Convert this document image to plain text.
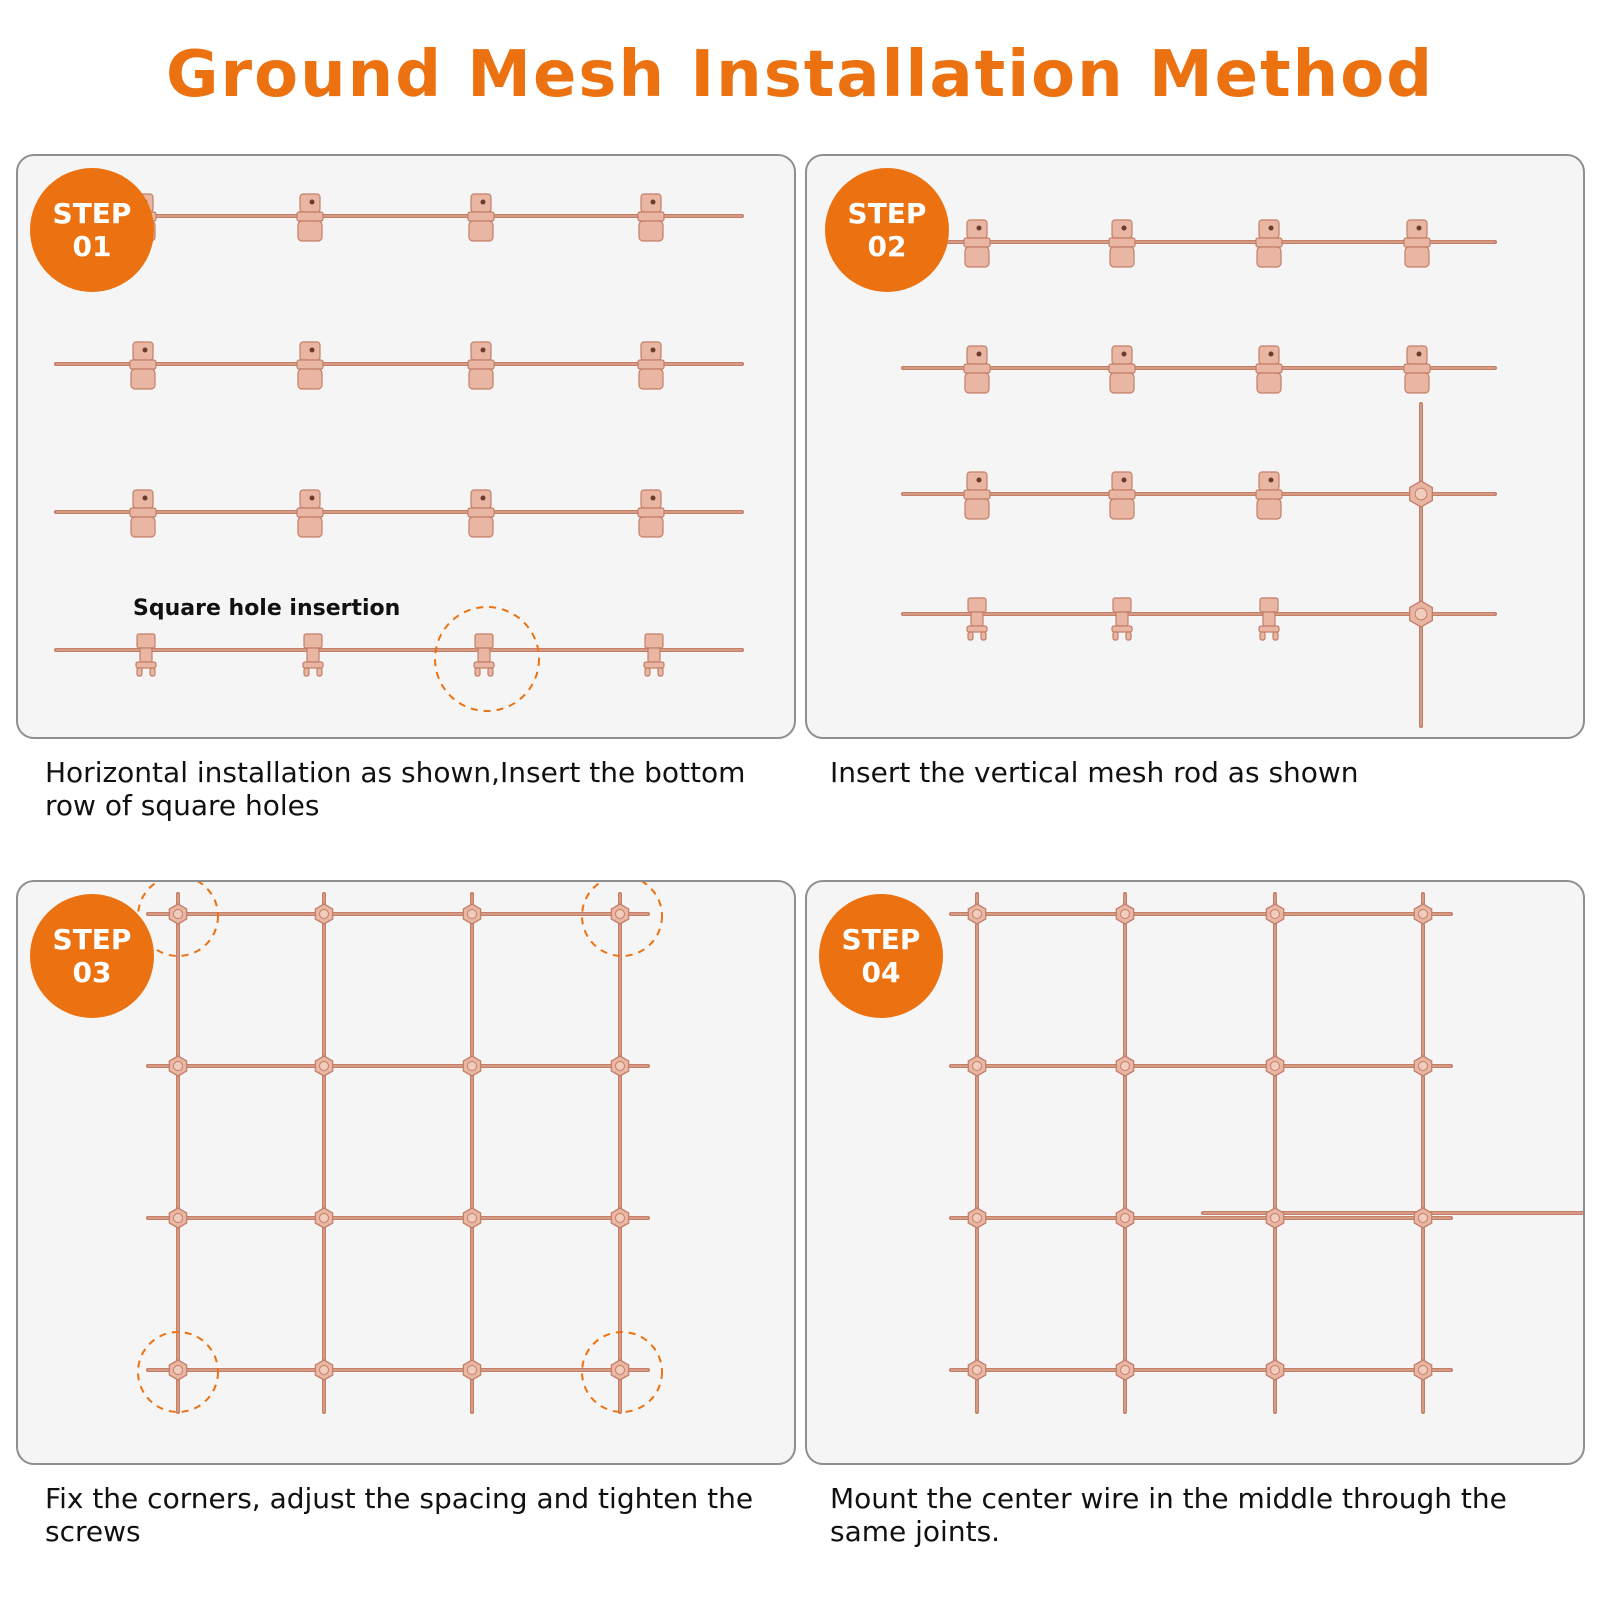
Ground Mesh Installation Method
STEP
01
Square hole insertion

Horizontal installation as shown,Insert the bottom row of square holes

STEP
02

Insert the vertical mesh rod as shown

STEP
03

Fix the corners, adjust the spacing and tighten the screws

STEP
04

Mount the center wire in the middle through the same joints.
